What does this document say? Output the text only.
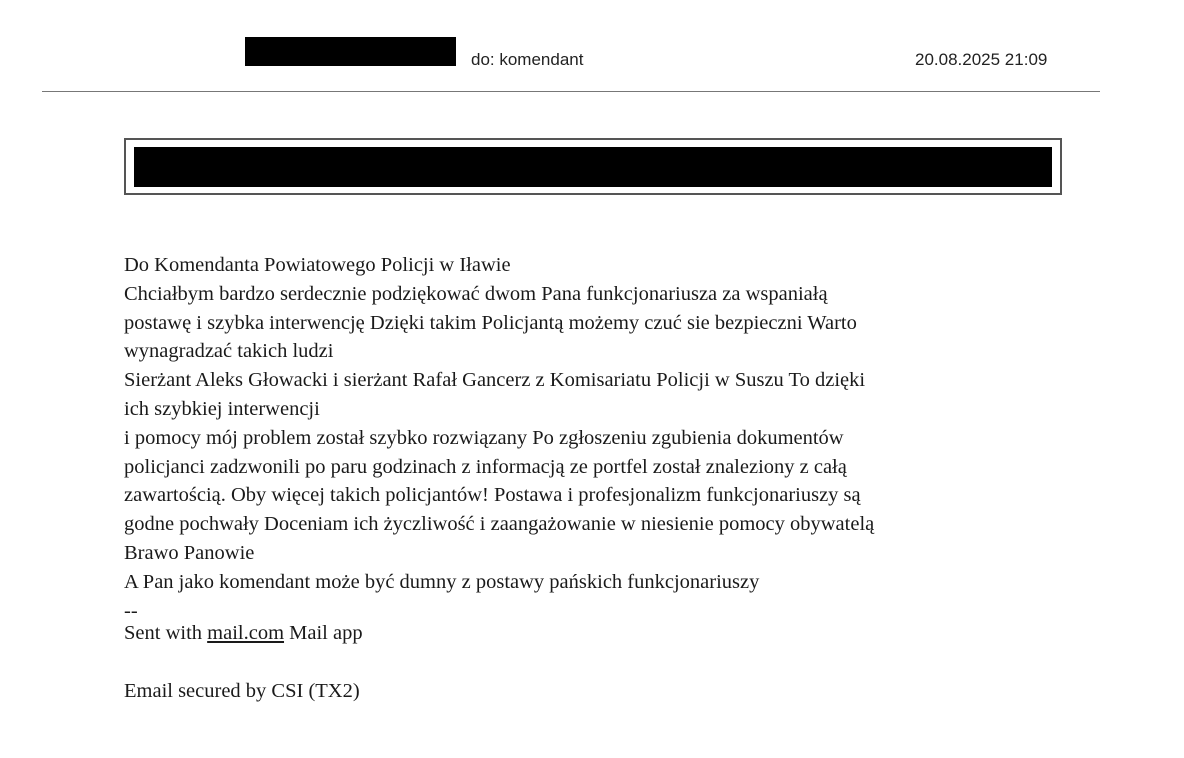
do: komendant	20.08.2025 21:09
Do Komendanta Powiatowego Policji w Iławie
Chciałbym bardzo serdecznie podziękować dwom Pana funkcjonariusza za wspaniałą
postawę i szybka interwencję Dzięki takim Policjantą możemy czuć sie bezpieczni Warto
wynagradzać takich ludzi
Sierżant Aleks Głowacki i sierżant Rafał Gancerz z Komisariatu Policji w Suszu To dzięki
ich szybkiej interwencji
i pomocy mój problem został szybko rozwiązany Po zgłoszeniu zgubienia dokumentów
policjanci zadzwonili po paru godzinach z informacją ze portfel został znaleziony z całą
zawartością. Oby więcej takich policjantów! Postawa i profesjonalizm funkcjonariuszy są
godne pochwały Doceniam ich życzliwość i zaangażowanie w niesienie pomocy obywatelą
Brawo Panowie
A Pan jako komendant może być dumny z postawy pańskich funkcjonariuszy
--
Sent with mail.com Mail app
Email secured by CSI (TX2)
